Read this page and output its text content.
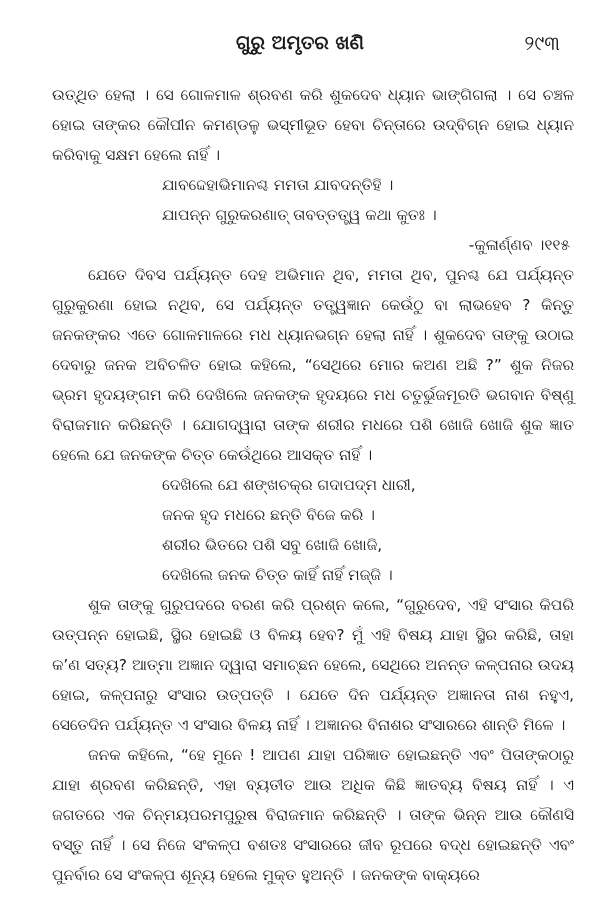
ଗୁରୁ ଅମୃତର ଖଣି	୨୯୩

ଉତ୍‌ଥିତ ହେଲା । ସେ ଗୋଳମାଳ ଶ୍ରବଣ କରି ଶୁକଦେବ ଧ୍ୟାନ ଭାଙ୍ଗିଗଲା । ସେ ଚଞ୍ଚଳ ହୋଇ ତାଙ୍କର କୌପୀନ କମଣ୍ଡଳୁ ଭସ୍ମୀଭୂତ ହେବା ଚିନ୍ତାରେ ଉଦ୍‌ବିଗ୍ନ ହୋଇ ଧ୍ୟାନ କରିବାକୁ ସକ୍ଷମ ହେଲେ ନାହିଁ ।

ଯାବଦ୍ଦେହାଭିମାନଶ୍ଚ ମମତା ଯାବଦନ୍ତିହି ।
ଯାପନ୍ନ ଗୁରୁକରଣାତ୍‌ ତାବତ୍ତତ୍ତ୍ୱ କଥା କୁତଃ ।

-କୁଳାର୍ଣ୍ଣବ ।୧୧୫

ଯେତେ ଦିବସ ପର୍ଯ୍ୟନ୍ତ ଦେହ ଅଭିମାନ ଥିବ, ମମତା ଥିବ, ପୁନଶ୍ଚ ଯେ ପର୍ଯ୍ୟନ୍ତ ଗୁରୁକୁରଣା ହୋଇ ନଥିବ, ସେ ପର୍ଯ୍ୟନ୍ତ ତତ୍ତ୍ୱଜ୍ଞାନ କେଉଁଠୁ ବା ଲାଭହେବ ? କିନ୍ତୁ ଜନକଙ୍କର ଏତେ ଗୋଳମାଳରେ ମଧ ଧ୍ୟାନଭଗ୍ନ ହେଲା ନାହିଁ । ଶୁକଦେବ ତାଙ୍କୁ ଉଠାଇ ଦେବାରୁ ଜନକ ଅବିଚଳିତ ହୋଇ କହିଲେ, “ସେଥିରେ ମୋର କଅଣ ଅଛି ?” ଶୁକ ନିଜର ଭ୍ରମ ହୃଦୟଙ୍ଗମ କରି ଦେଖିଲେ ଜନକଙ୍କ ହୃଦୟରେ ମଧ ଚତୁର୍ଭୁଜମୂରତି ଭଗବାନ ବିଷ୍ଣୁ ବିରାଜମାନ କରିଛନ୍ତି । ଯୋଗଦ୍ୱାରା ତାଙ୍କ ଶରୀର ମଧରେ ପଶି ଖୋଜି ଖୋଜି ଶୁକ ଜ୍ଞାତ ହେଲେ ଯେ ଜନକଙ୍କ ଚିତ୍ତ କେଉଁଥିରେ ଆସକ୍ତ ନାହିଁ ।

ଦେଖିଲେ ଯେ ଶଙ୍ଖଚକ୍ର ଗଦାପଦ୍ମ ଧାରୀ,
ଜନକ ହୃଦ ମଧରେ ଛନ୍ତି ବିଜେ କରି ।
ଶରୀର ଭିତରେ ପଶି ସବୁ ଖୋଜି ଖୋଜି,
ଦେଖିଲେ ଜନକ ଚିତ୍ତ କାହିଁ ନାହିଁ ମଜ୍ଜି ।

ଶୁକ ତାଙ୍କୁ ଗୁରୁପଦରେ ବରଣ କରି ପ୍ରଶ୍ନ କଲେ, “ଗୁରୁଦେବ, ଏହି ସଂସାର କିପରି ଉତ୍ପନ୍ନ ହୋଇଛି, ସ୍ଥିର ହୋଇଛି ଓ ବିଳୟ ହେବ? ମୁଁ ଏହି ବିଷୟ ଯାହା ସ୍ଥିର କରିଛି, ତାହା କ’ଣ ସତ୍ୟ? ଆତ୍ମା ଅଜ୍ଞାନ ଦ୍ୱାରା ସମାଚ୍ଛନ ହେଲେ, ସେଥିରେ ଅନନ୍ତ କଳ୍ପନାର ଉଦୟ ହୋଇ, କଳ୍ପନାରୁ ସଂସାର ଉତ୍ପତ୍ତି । ଯେତେ ଦିନ ପର୍ଯ୍ୟନ୍ତ ଅଜ୍ଞାନତା ନାଶ ନହୁଏ, ସେତେଦିନ ପର୍ଯ୍ୟନ୍ତ ଏ ସଂସାର ବିଳୟ ନାହିଁ । ଅଜ୍ଞାନର ବିନାଶର ସଂସାରରେ ଶାନ୍ତି ମିଳେ ।

ଜନକ କହିଲେ, “ହେ ମୁନେ ! ଆପଣ ଯାହା ପରିଜ୍ଞାତ ହୋଇଛନ୍ତି ଏବଂ ପିତାଙ୍କଠାରୁ ଯାହା ଶ୍ରବଣ କରିଛନ୍ତି, ଏହା ବ୍ୟତୀତ ଆଉ ଅଧିକ କିଛି ଜ୍ଞାତବ୍ୟ ବିଷୟ ନାହିଁ । ଏ ଜଗତରେ ଏକ ଚିନ୍ମୟପରମପୁରୁଷ ବିରାଜମାନ କରିଛନ୍ତି । ତାଙ୍କ ଭିନ୍ନ ଆଉ କୌଣସି ବସ୍ତୁ ନାହିଁ । ସେ ନିଜେ ସଂକଳ୍ପ ବଶତଃ ସଂସାରରେ ଜୀବ ରୂପରେ ବଦ୍ଧ ହୋଇଛନ୍ତି ଏବଂ ପୁନର୍ବାର ସେ ସଂକଳ୍ପ ଶୂନ୍ୟ ହେଲେ ମୁକ୍ତ ହୁଅନ୍ତି । ଜନକଙ୍କ ବାକ୍ୟରେ
